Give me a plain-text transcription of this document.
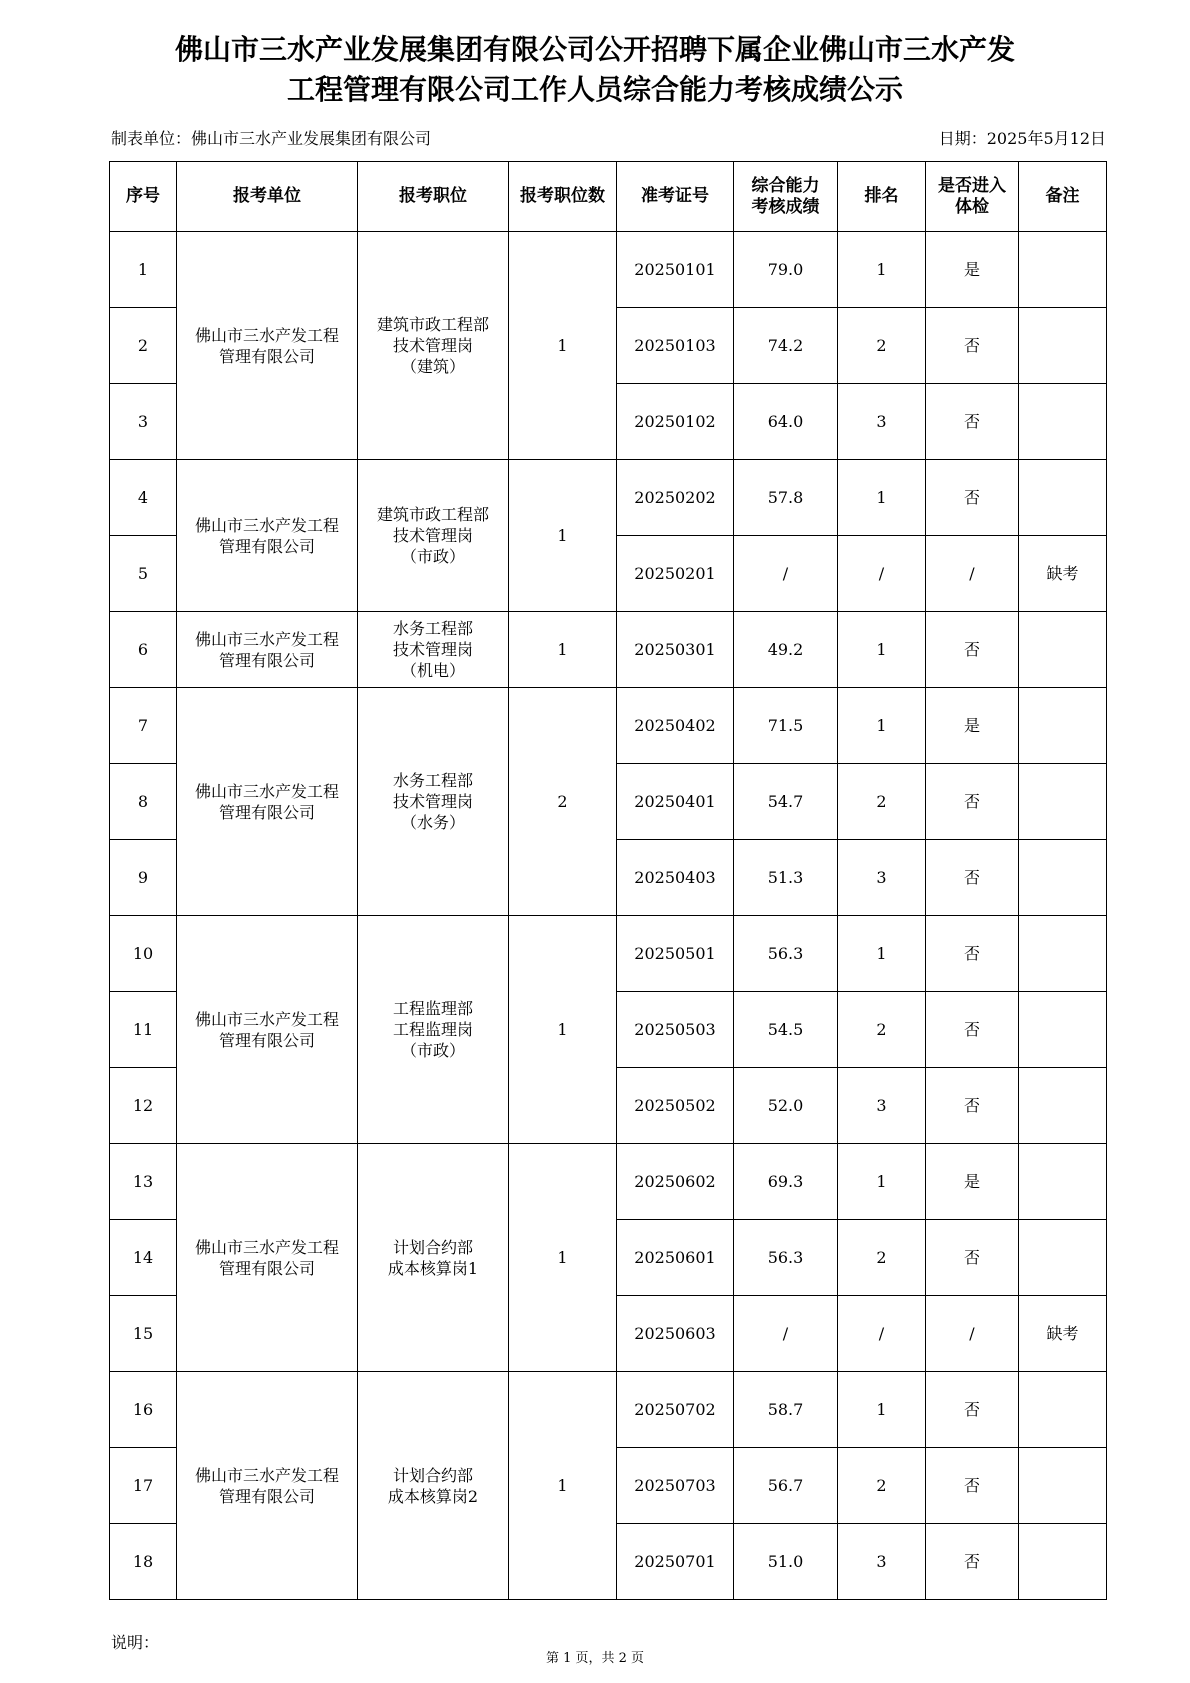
佛山市三水产业发展集团有限公司公开招聘下属企业佛山市三水产发
工程管理有限公司工作人员综合能力考核成绩公示
制表单位：佛山市三水产业发展集团有限公司	日期：2025年5月12日
序号	报考单位	报考职位	报考职位数	准考证号	综合能力
考核成绩	排名	是否进入
体检	备注
1	佛山市三水产发工程
管理有限公司	建筑市政工程部
技术管理岗
（建筑）	1	20250101	79.0	1	是	
2				20250103	74.2	2	否	
3				20250102	64.0	3	否	
4	佛山市三水产发工程
管理有限公司	建筑市政工程部
技术管理岗
（市政）	1	20250202	57.8	1	否	
5				20250201	/	/	/	缺考
6	佛山市三水产发工程
管理有限公司	水务工程部
技术管理岗
（机电）	1	20250301	49.2	1	否	
7	佛山市三水产发工程
管理有限公司	水务工程部
技术管理岗
（水务）	2	20250402	71.5	1	是	
8				20250401	54.7	2	否	
9				20250403	51.3	3	否	
10	佛山市三水产发工程
管理有限公司	工程监理部
工程监理岗
（市政）	1	20250501	56.3	1	否	
11				20250503	54.5	2	否	
12				20250502	52.0	3	否	
13	佛山市三水产发工程
管理有限公司	计划合约部
成本核算岗1	1	20250602	69.3	1	是	
14				20250601	56.3	2	否	
15				20250603	/	/	/	缺考
16	佛山市三水产发工程
管理有限公司	计划合约部
成本核算岗2	1	20250702	58.7	1	否	
17				20250703	56.7	2	否	
18				20250701	51.0	3	否	
说明：
第 1 页，共 2 页
